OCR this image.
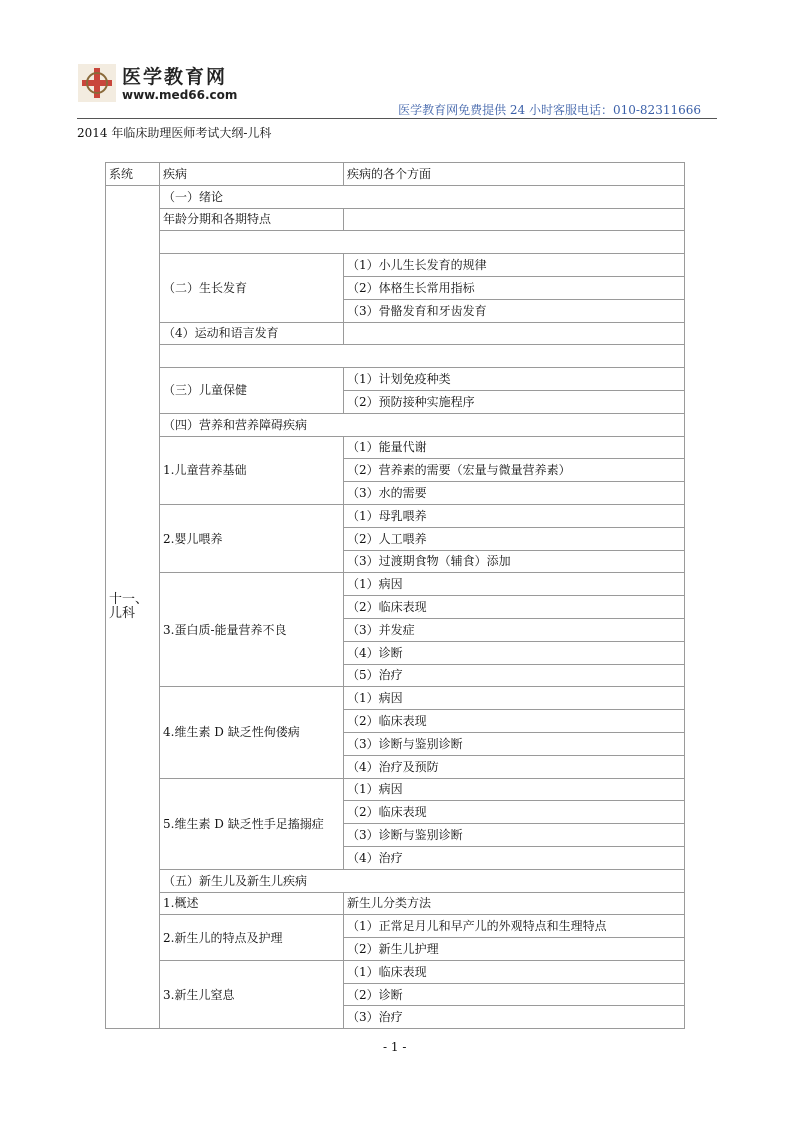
医学教育网
www.med66.com
医学教育网免费提供 24 小时客服电话：010-82311666
2014 年临床助理医师考试大纲-儿科
系统	疾病	疾病的各个方面
十一、儿科	（一）绪论	
	年龄分期和各期特点	

	（二）生长发育	（1）小儿生长发育的规律
		（2）体格生长常用指标
		（3）骨骼发育和牙齿发育
	（4）运动和语言发育	

	（三）儿童保健	（1）计划免疫种类
		（2）预防接种实施程序
	（四）营养和营养障碍疾病	
	1.儿童营养基础	（1）能量代谢
		（2）营养素的需要（宏量与微量营养素）
		（3）水的需要
	2.婴儿喂养	（1）母乳喂养
		（2）人工喂养
		（3）过渡期食物（辅食）添加
	3.蛋白质-能量营养不良	（1）病因
		（2）临床表现
		（3）并发症
		（4）诊断
		（5）治疗
	4.维生素 D 缺乏性佝偻病	（1）病因
		（2）临床表现
		（3）诊断与鉴别诊断
		（4）治疗及预防
	5.维生素 D 缺乏性手足搐搦症	（1）病因
		（2）临床表现
		（3）诊断与鉴别诊断
		（4）治疗
	（五）新生儿及新生儿疾病	
	1.概述	新生儿分类方法
	2.新生儿的特点及护理	（1）正常足月儿和早产儿的外观特点和生理特点
		（2）新生儿护理
	3.新生儿窒息	（1）临床表现
		（2）诊断
		（3）治疗
- 1 -
